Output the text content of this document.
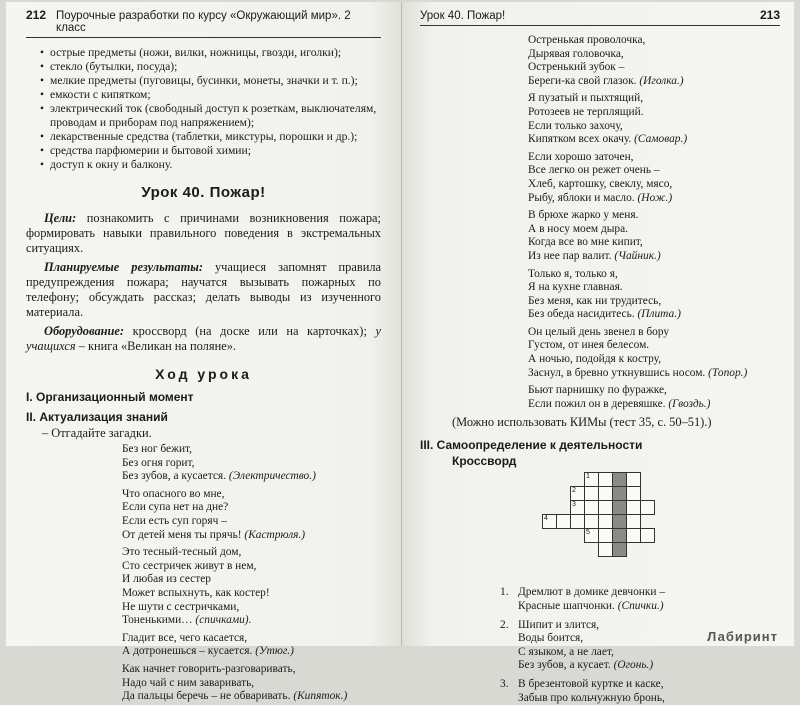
212 Поурочные разработки по курсу «Окружающий мир». 2 класс
• острые предметы (ножи, вилки, ножницы, гвозди, иголки);
• стекло (бутылки, посуда);
• мелкие предметы (пуговицы, бусинки, монеты, значки и т. п.);
• емкости с кипятком;
• электрический ток (свободный доступ к розеткам, выключателям,
проводам и приборам под напряжением);
• лекарственные средства (таблетки, микстуры, порошки и др.);
• средства парфюмерии и бытовой химии;
• доступ к окну и балкону.
Урок 40. Пожар!

Цели: познакомить с причинами возникновения пожара; формировать навыки правильного поведения в экстремальных ситуациях.

Планируемые результаты: учащиеся запомнят правила предупреждения пожара; научатся вызывать пожарных по телефону; обсуждать рассказ; делать выводы из изученного материала.

Оборудование: кроссворд (на доске или на карточках); у учащихся – книга «Великан на поляне».

Ход урока
I. Организационный момент
II. Актуализация знаний
– Отгадайте загадки.
Без ног бежит,
Без огня горит,
Без зубов, а кусается. (Электричество.)
Что опасного во мне,
Если супа нет на дне?
Если есть суп горяч –
От детей меня ты прячь! (Кастрюля.)
Это тесный-тесный дом,
Сто сестричек живут в нем,
И любая из сестер
Может вспыхнуть, как костер!
Не шути с сестричками,
Тоненькими… (спичками).
Гладит все, чего касается,
А дотронешься – кусается. (Утюг.)
Как начнет говорить-разговаривать,
Надо чай с ним заваривать,
Да пальцы беречь – не обваривать. (Кипяток.)
Урок 40. Пожар!	213
Остренькая проволочка,
Дырявая головочка,
Остренький зубок –
Береги-ка свой глазок. (Иголка.)
Я пузатый и пыхтящий,
Ротозеев не терплящий.
Если только захочу,
Кипятком всех окачу. (Самовар.)
Если хорошо заточен,
Все легко он режет очень –
Хлеб, картошку, свеклу, мясо,
Рыбу, яблоки и масло. (Нож.)
В брюхе жарко у меня.
А в носу моем дыра.
Когда все во мне кипит,
Из нее пар валит. (Чайник.)
Только я, только я,
Я на кухне главная.
Без меня, как ни трудитесь,
Без обеда насидитесь. (Плита.)
Он целый день звенел в бору
Густом, от инея белесом.
А ночью, подойдя к костру,
Заснул, в бревно уткнувшись носом. (Топор.)
Бьют парнишку по фуражке,
Если пожил он в деревяшке. (Гвоздь.)
(Можно использовать КИМы (тест 35, с. 50–51).)
III. Самоопределение к деятельности
Кроссворд
1
2
3
4
5
1. Дремлют в домике девчонки –
Красные шапчонки. (Спички.)
2. Шипит и злится,
Воды боится,
С языком, а не лает,
Без зубов, а кусает. (Огонь.)
3. В брезентовой куртке и каске,
Забыв про кольчужную бронь,
Лабиринт
